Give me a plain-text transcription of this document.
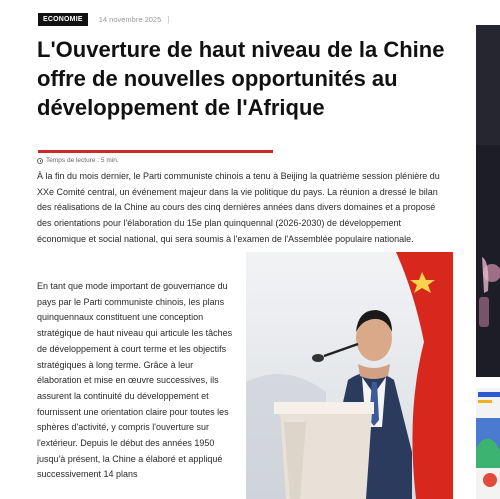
ECONOMIE	14 novembre 2025 |
L'Ouverture de haut niveau de la Chine offre de nouvelles opportunités au développement de l'Afrique
Temps de lecture : 5 min.

À la fin du mois dernier, le Parti communiste chinois a tenu à Beijing la quatrième session plénière du XXe Comité central, un événement majeur dans la vie politique du pays. La réunion a dressé le bilan des réalisations de la Chine au cours des cinq dernières années dans divers domaines et a proposé des orientations pour l'élaboration du 15e plan quinquennal (2026-2030) de développement économique et social national, qui sera soumis à l'examen de l'Assemblée populaire nationale.

En tant que mode important de gouvernance du pays par le Parti communiste chinois, les plans quinquennaux constituent une conception stratégique de haut niveau qui articule les tâches de développement à court terme et les objectifs stratégiques à long terme. Grâce à leur élaboration et mise en œuvre successives, ils assurent la continuité du développement et fournissent une orientation claire pour toutes les sphères d'activité, y compris l'ouverture sur l'extérieur. Depuis le début des années 1950 jusqu'à présent, la Chine a élaboré et appliqué successivement 14 plans
